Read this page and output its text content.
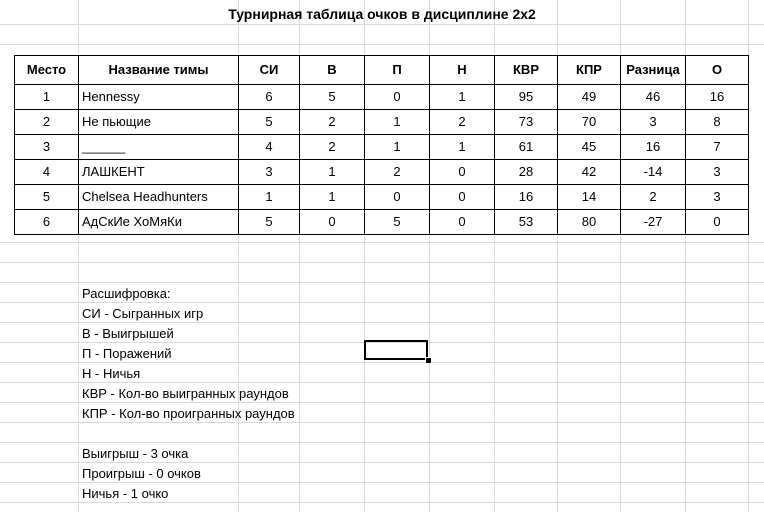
Турнирная таблица очков в дисциплине 2x2
Место	Название тимы	СИ	В	П	Н	КВР	КПР	Разница	О
1	Hennessy	6	5	0	1	95	49	46	16
2	Не пьющие	5	2	1	2	73	70	3	8
3	______	4	2	1	1	61	45	16	7
4	ЛАШКЕНТ	3	1	2	0	28	42	-14	3
5	Chelsea Headhunters	1	1	0	0	16	14	2	3
6	АдСкИе ХоМяКи	5	0	5	0	53	80	-27	0
Расшифровка:
СИ - Сыгранных игр
В - Выигрышей
П - Поражений
Н - Ничья
КВР - Кол-во выигранных раундов
КПР - Кол-во проигранных раундов
Выигрыш - 3 очка
Проигрыш - 0 очков
Ничья - 1 очко
